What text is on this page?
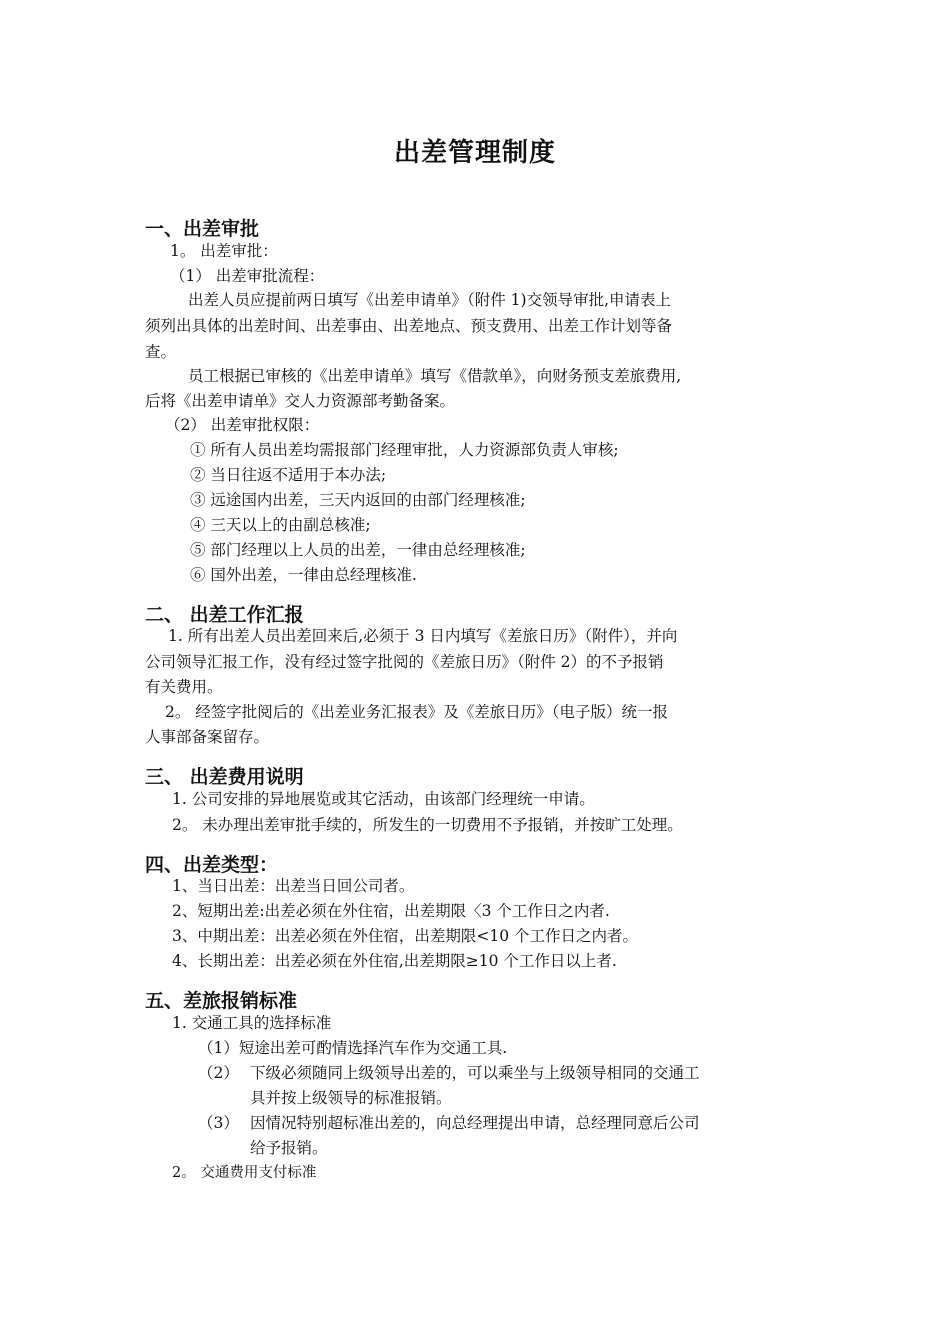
出差管理制度
一、出差审批
1。 出差审批：
（1） 出差审批流程：
出差人员应提前两日填写《出差申请单》（附件 1)交领导审批,申请表上
须列出具体的出差时间、出差事由、出差地点、预支费用、出差工作计划等备
查。
员工根据已审核的《出差申请单》填写《借款单》，向财务预支差旅费用,
后将《出差申请单》交人力资源部考勤备案。
（2） 出差审批权限：
① 所有人员出差均需报部门经理审批，人力资源部负责人审核;
② 当日往返不适用于本办法;
③ 远途国内出差，三天内返回的由部门经理核准;
④ 三天以上的由副总核准;
⑤ 部门经理以上人员的出差，一律由总经理核准;
⑥ 国外出差，一律由总经理核准.
二、 出差工作汇报
1. 所有出差人员出差回来后,必须于 3 日内填写《差旅日历》（附件），并向
公司领导汇报工作，没有经过签字批阅的《差旅日历》（附件 2）的不予报销
有关费用。
2。 经签字批阅后的《出差业务汇报表》及《差旅日历》（电子版）统一报
人事部备案留存。
三、 出差费用说明
1. 公司安排的异地展览或其它活动，由该部门经理统一申请。
2。 未办理出差审批手续的，所发生的一切费用不予报销，并按旷工处理。
四、出差类型：
1、当日出差：出差当日回公司者。
2、短期出差:出差必须在外住宿，出差期限〈3 个工作日之内者.
3、中期出差：出差必须在外住宿，出差期限<10 个工作日之内者。
4、长期出差：出差必须在外住宿,出差期限≥10 个工作日以上者.
五、差旅报销标准
1. 交通工具的选择标准
（1）短途出差可酌情选择汽车作为交通工具.
（2） 下级必须随同上级领导出差的，可以乘坐与上级领导相同的交通工
具并按上级领导的标准报销。
（3） 因情况特别超标准出差的，向总经理提出申请，总经理同意后公司
给予报销。
2。 交通费用支付标准
